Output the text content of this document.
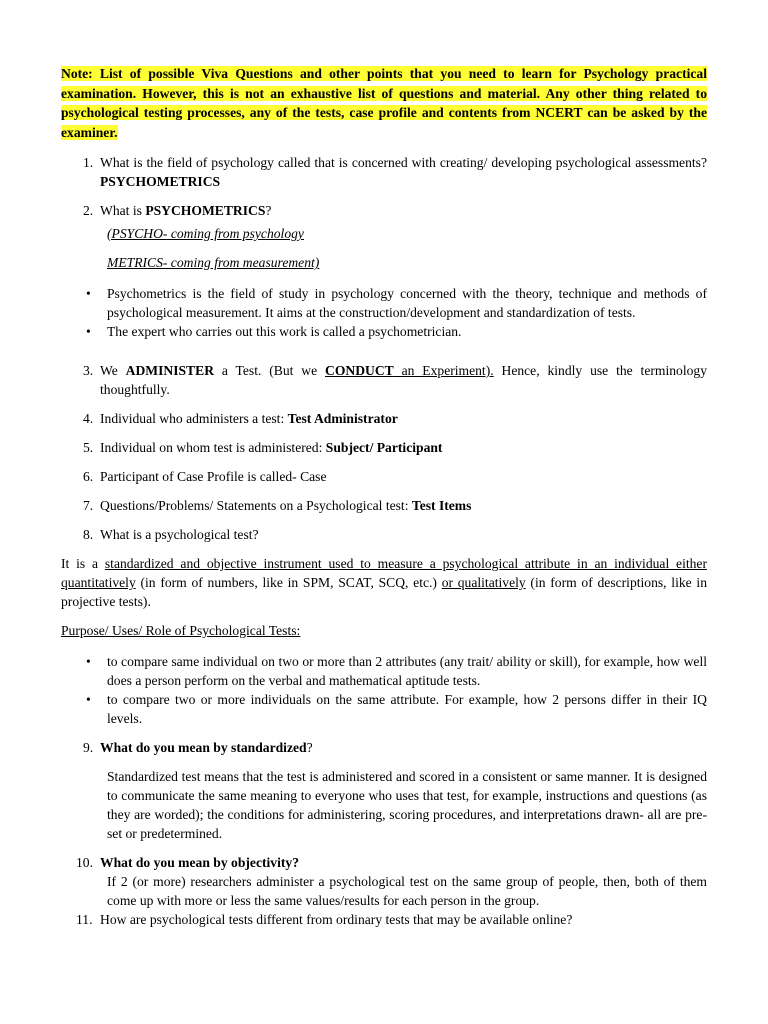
Note: List of possible Viva Questions and other points that you need to learn for Psychology practical examination. However, this is not an exhaustive list of questions and material. Any other thing related to psychological testing processes, any of the tests, case profile and contents from NCERT can be asked by the examiner.

1. What is the field of psychology called that is concerned with creating/ developing psychological assessments? PSYCHOMETRICS
2. What is PSYCHOMETRICS?
(PSYCHO- coming from psychology
METRICS- coming from measurement)
•	Psychometrics is the field of study in psychology concerned with the theory, technique and methods of psychological measurement. It aims at the construction/development and standardization of tests.
•	The expert who carries out this work is called a psychometrician.
3. We ADMINISTER a Test. (But we CONDUCT an Experiment). Hence, kindly use the terminology thoughtfully.
4. Individual who administers a test: Test Administrator
5. Individual on whom test is administered: Subject/ Participant
6. Participant of Case Profile is called- Case
7. Questions/Problems/ Statements on a Psychological test: Test Items
8. What is a psychological test?

It is a standardized and objective instrument used to measure a psychological attribute in an individual either quantitatively (in form of numbers, like in SPM, SCAT, SCQ, etc.) or qualitatively (in form of descriptions, like in projective tests).

Purpose/ Uses/ Role of Psychological Tests:

•	to compare same individual on two or more than 2 attributes (any trait/ ability or skill), for example, how well does a person perform on the verbal and mathematical aptitude tests.
•	to compare two or more individuals on the same attribute. For example, how 2 persons differ in their IQ levels.
9. What do you mean by standardized?
Standardized test means that the test is administered and scored in a consistent or same manner. It is designed to communicate the same meaning to everyone who uses that test, for example, instructions and questions (as they are worded); the conditions for administering, scoring procedures, and interpretations drawn- all are pre-set or predetermined.
10. What do you mean by objectivity?
If 2 (or more) researchers administer a psychological test on the same group of people, then, both of them come up with more or less the same values/results for each person in the group.
11. How are psychological tests different from ordinary tests that may be available online?
